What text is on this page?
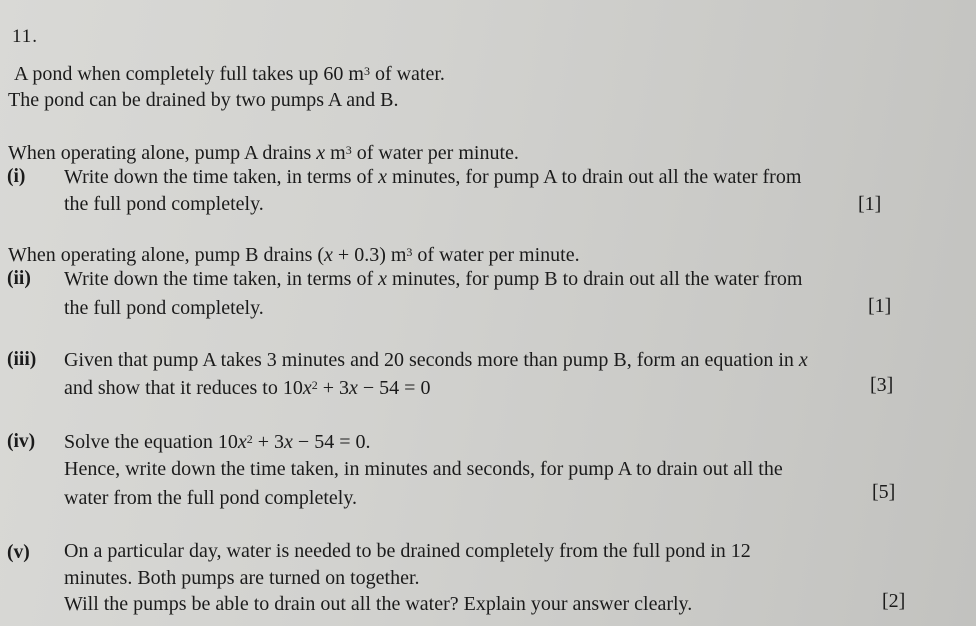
11.
A pond when completely full takes up 60 $m^3$ of water.
The pond can be drained by two pumps A and B.
When operating alone, pump A drains x $m^3$ of water per minute.
(i) Write down the time taken, in terms of x minutes, for pump A to drain out all the water from
the full pond completely.	[1]
When operating alone, pump B drains (x + 0.3) $m^3$ of water per minute.
(ii) Write down the time taken, in terms of x minutes, for pump B to drain out all the water from
the full pond completely.	[1]
(iii) Given that pump A takes 3 minutes and 20 seconds more than pump B, form an equation in x
and show that it reduces to $10x^2 + 3x - 54 = 0$	[3]
(iv) Solve the equation $10x^2 + 3x - 54 = 0$.
Hence, write down the time taken, in minutes and seconds, for pump A to drain out all the
water from the full pond completely.	[5]
(v) On a particular day, water is needed to be drained completely from the full pond in 12
minutes. Both pumps are turned on together.
Will the pumps be able to drain out all the water? Explain your answer clearly.	[2]
